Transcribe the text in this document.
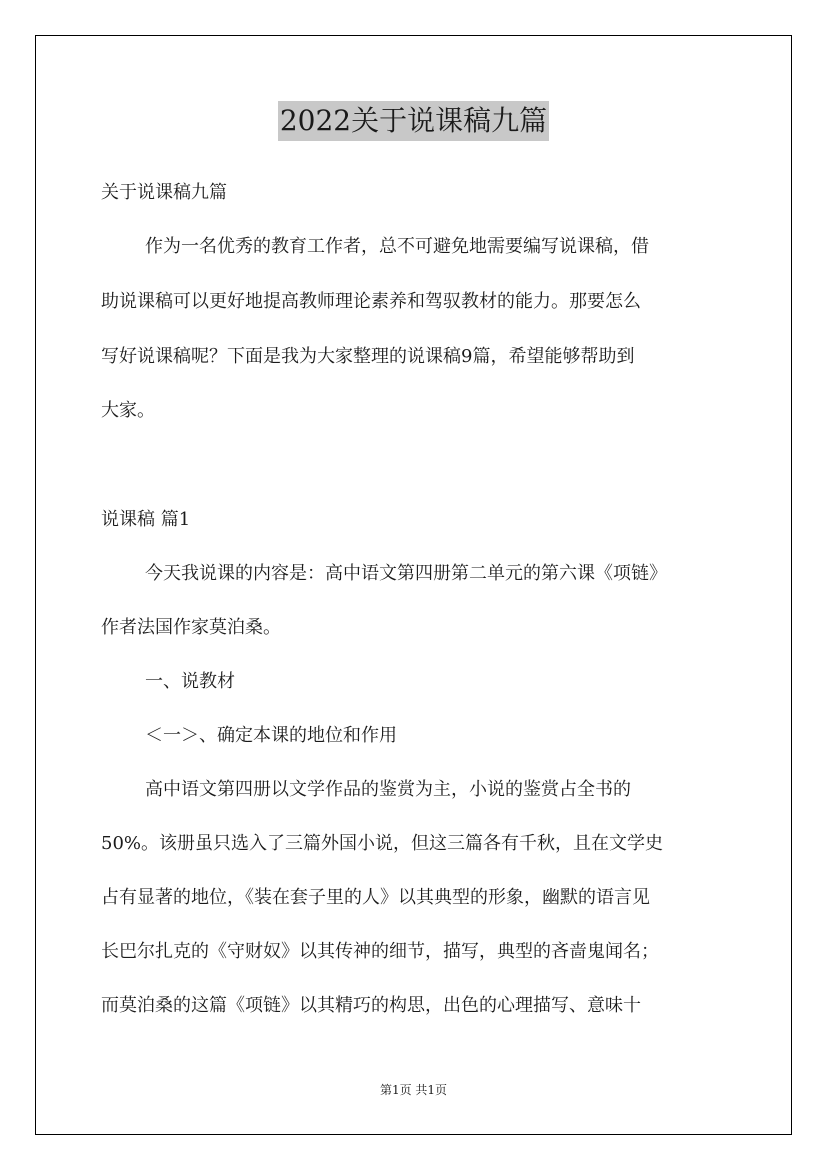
2022关于说课稿九篇
关于说课稿九篇
作为一名优秀的教育工作者，总不可避免地需要编写说课稿，借
助说课稿可以更好地提高教师理论素养和驾驭教材的能力。那要怎么
写好说课稿呢？下面是我为大家整理的说课稿9篇，希望能够帮助到
大家。
说课稿 篇1
今天我说课的内容是：高中语文第四册第二单元的第六课《项链》
作者法国作家莫泊桑。
一、说教材
＜一＞、确定本课的地位和作用
高中语文第四册以文学作品的鉴赏为主，小说的鉴赏占全书的
50%。该册虽只选入了三篇外国小说，但这三篇各有千秋，且在文学史
占有显著的地位，《装在套子里的人》以其典型的形象，幽默的语言见
长巴尔扎克的《守财奴》以其传神的细节，描写，典型的吝啬鬼闻名；
而莫泊桑的这篇《项链》以其精巧的构思，出色的心理描写、意味十
第1页 共1页
